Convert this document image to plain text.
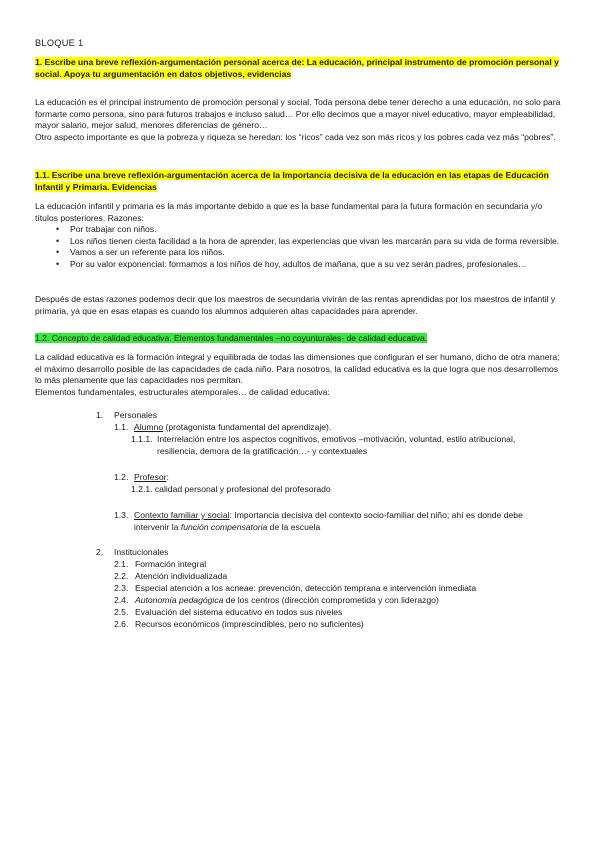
BLOQUE 1
1. Escribe una breve reflexión-argumentación personal acerca de: La educación, principal instrumento de promoción personal y social. Apoya tu argumentación en datos objetivos, evidencias

La educación es el principal instrumento de promoción personal y social. Toda persona debe tener derecho a una educación, no solo para formarte como persona, sino para futuros trabajos e incluso salud… Por ello decimos que a mayor nivel educativo, mayor empleabilidad, mayor salario, mejor salud, menores diferencias de género…

Otro aspecto importante es que la pobreza y riqueza se heredan: los “ricos” cada vez son más ricos y los pobres cada vez más “pobres”.

1.1. Escribe una breve reflexión-argumentación acerca de la Importancia decisiva de la educación en las etapas de Educación Infantil y Primaria. Evidencias

La educación infantil y primaria es la más importante debido a que es la base fundamental para la futura formación en secundaria y/o títulos posteriores. Razones:

• Por trabajar con niños.
• Los niños tienen cierta facilidad a la hora de aprender, las experiencias que vivan les marcarán para su vida de forma reversible.
• Vamos a ser un referente para los niños.
• Por su valor exponencial: formamos a los niños de hoy, adultos de mañana, que a su vez serán padres, profesionales…

Después de estas razones podemos decir que los maestros de secundaria vivirán de las rentas aprendidas por los maestros de infantil y primaria, ya que en esas etapas es cuando los alumnos adquieren altas capacidades para aprender.

1.2. Concepto de calidad educativa. Elementos fundamentales –no coyunturales- de calidad educativa.

La calidad educativa es la formación integral y equilibrada de todas las dimensiones que configuran el ser humano, dicho de otra manera; el máximo desarrollo posible de las capacidades de cada niño. Para nosotros, la calidad educativa es la que logra que nos desarrollemos lo más plenamente que las capacidades nos permitan.

Elementos fundamentales, estructurales atemporales… de calidad educativa:

1. Personales
1.1. Alumno (protagonista fundamental del aprendizaje).
1.1.1. Interrelación entre los aspectos cognitivos, emotivos –motivación, voluntad, estilo atribucional,
resiliencia, demora de la gratificación…- y contextuales
1.2. Profesor:
1.2.1. calidad personal y profesional del profesorado
1.3. Contexto familiar y social: Importancia decisiva del contexto socio-familiar del niño; ahí es donde debe
intervenir la función compensatoria de la escuela
2. Institucionales
2.1. Formación integral
2.2. Atención individualizada
2.3. Especial atención a los acneae: prevención, detección temprana e intervención inmediata
2.4. Autonomía pedagógica de los centros (dirección comprometida y con liderazgo)
2.5. Evaluación del sistema educativo en todos sus niveles
2.6. Recursos económicos (imprescindibles, pero no suficientes)
